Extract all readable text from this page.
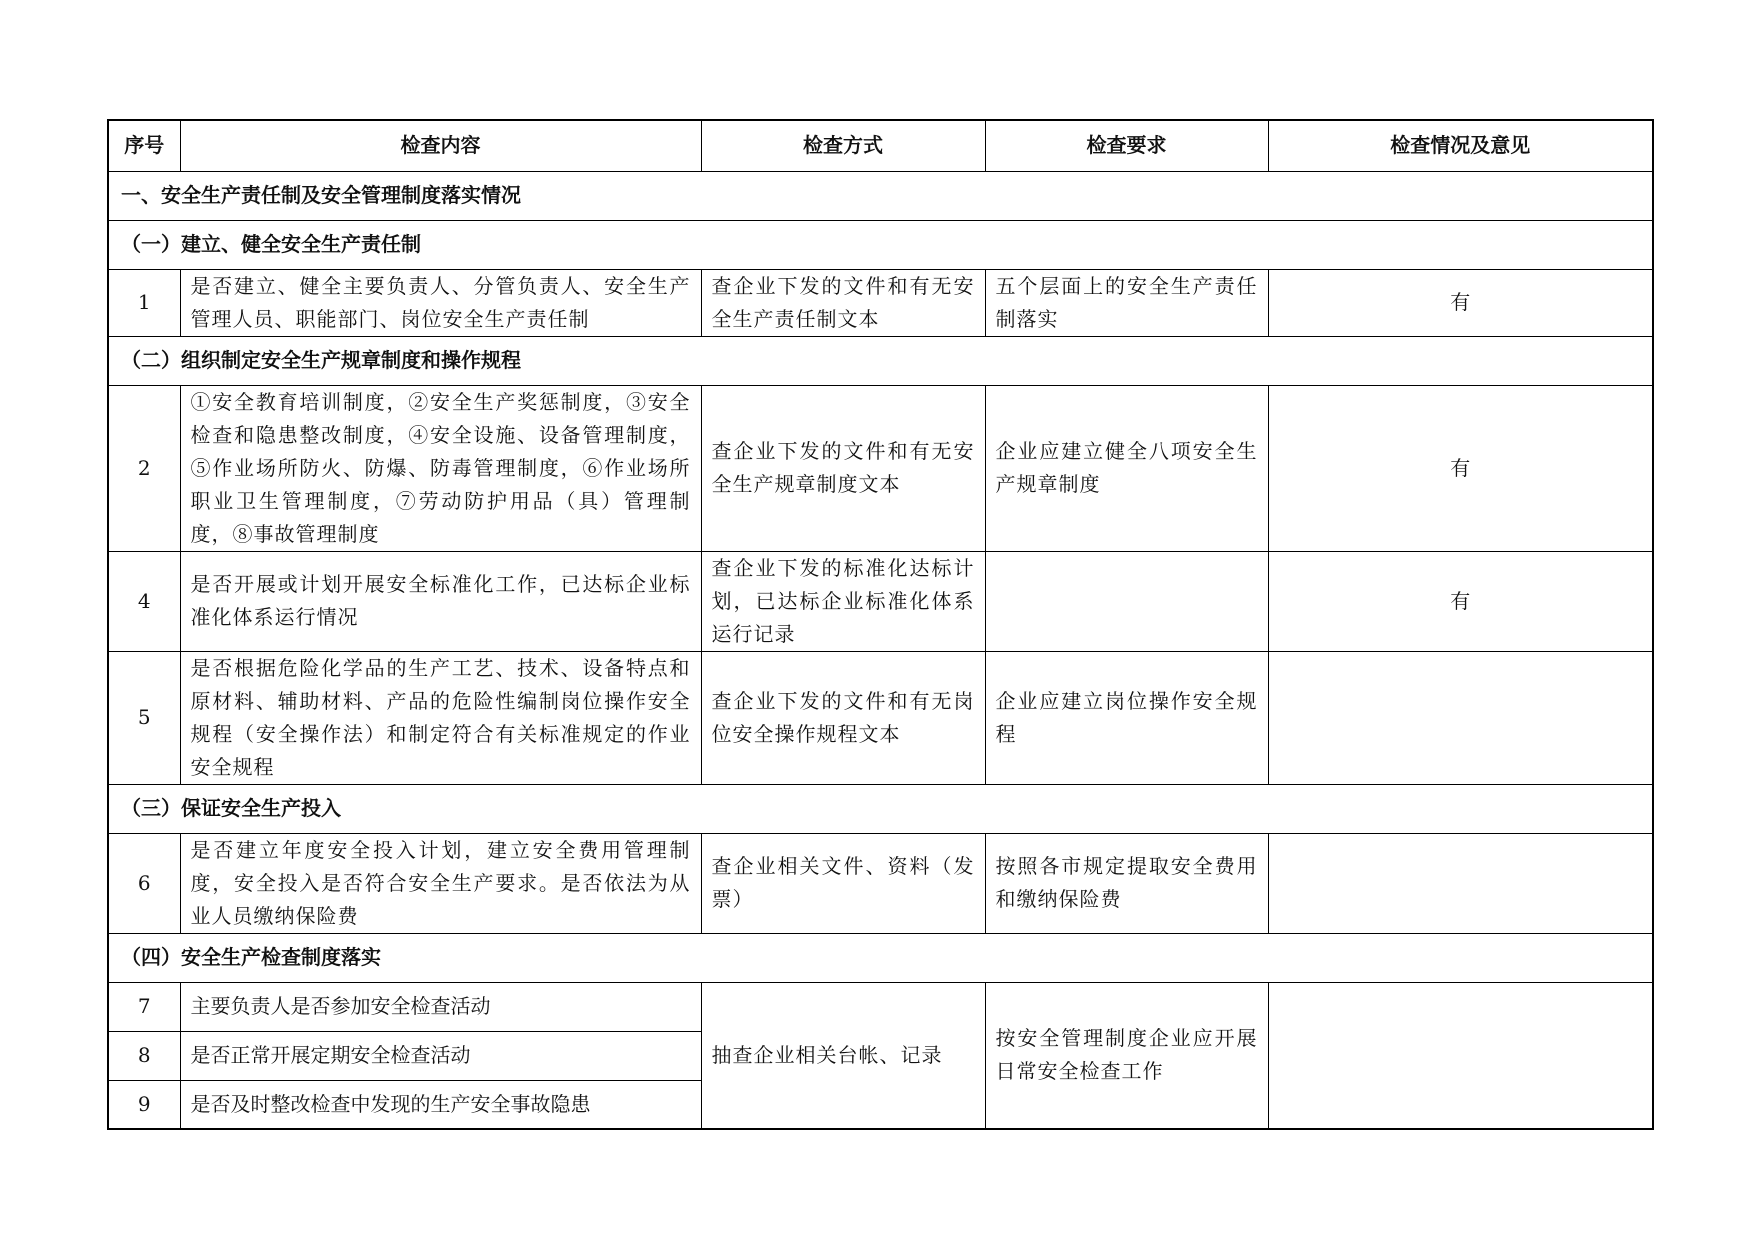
序号	检查内容	检查方式	检查要求	检查情况及意见
一、安全生产责任制及安全管理制度落实情况				
（一）建立、健全安全生产责任制				
1	是否建立、健全主要负责人、分管负责人、安全生产管理人员、职能部门、岗位安全生产责任制	查企业下发的文件和有无安全生产责任制文本	五个层面上的安全生产责任制落实	有
（二）组织制定安全生产规章制度和操作规程				
2	①安全教育培训制度，②安全生产奖惩制度，③安全检查和隐患整改制度，④安全设施、设备管理制度，⑤作业场所防火、防爆、防毒管理制度，⑥作业场所职业卫生管理制度，⑦劳动防护用品（具）管理制度，⑧事故管理制度	查企业下发的文件和有无安全生产规章制度文本	企业应建立健全八项安全生产规章制度	有
4	是否开展或计划开展安全标准化工作，已达标企业标准化体系运行情况	查企业下发的标准化达标计划，已达标企业标准化体系运行记录		有
5	是否根据危险化学品的生产工艺、技术、设备特点和原材料、辅助材料、产品的危险性编制岗位操作安全规程（安全操作法）和制定符合有关标准规定的作业安全规程	查企业下发的文件和有无岗位安全操作规程文本	企业应建立岗位操作安全规程	
（三）保证安全生产投入				
6	是否建立年度安全投入计划，建立安全费用管理制度，安全投入是否符合安全生产要求。是否依法为从业人员缴纳保险费	查企业相关文件、资料（发票）	按照各市规定提取安全费用和缴纳保险费	
（四）安全生产检查制度落实				
7	主要负责人是否参加安全检查活动	抽查企业相关台帐、记录	按安全管理制度企业应开展日常安全检查工作	
8	是否正常开展定期安全检查活动			
9	是否及时整改检查中发现的生产安全事故隐患			
